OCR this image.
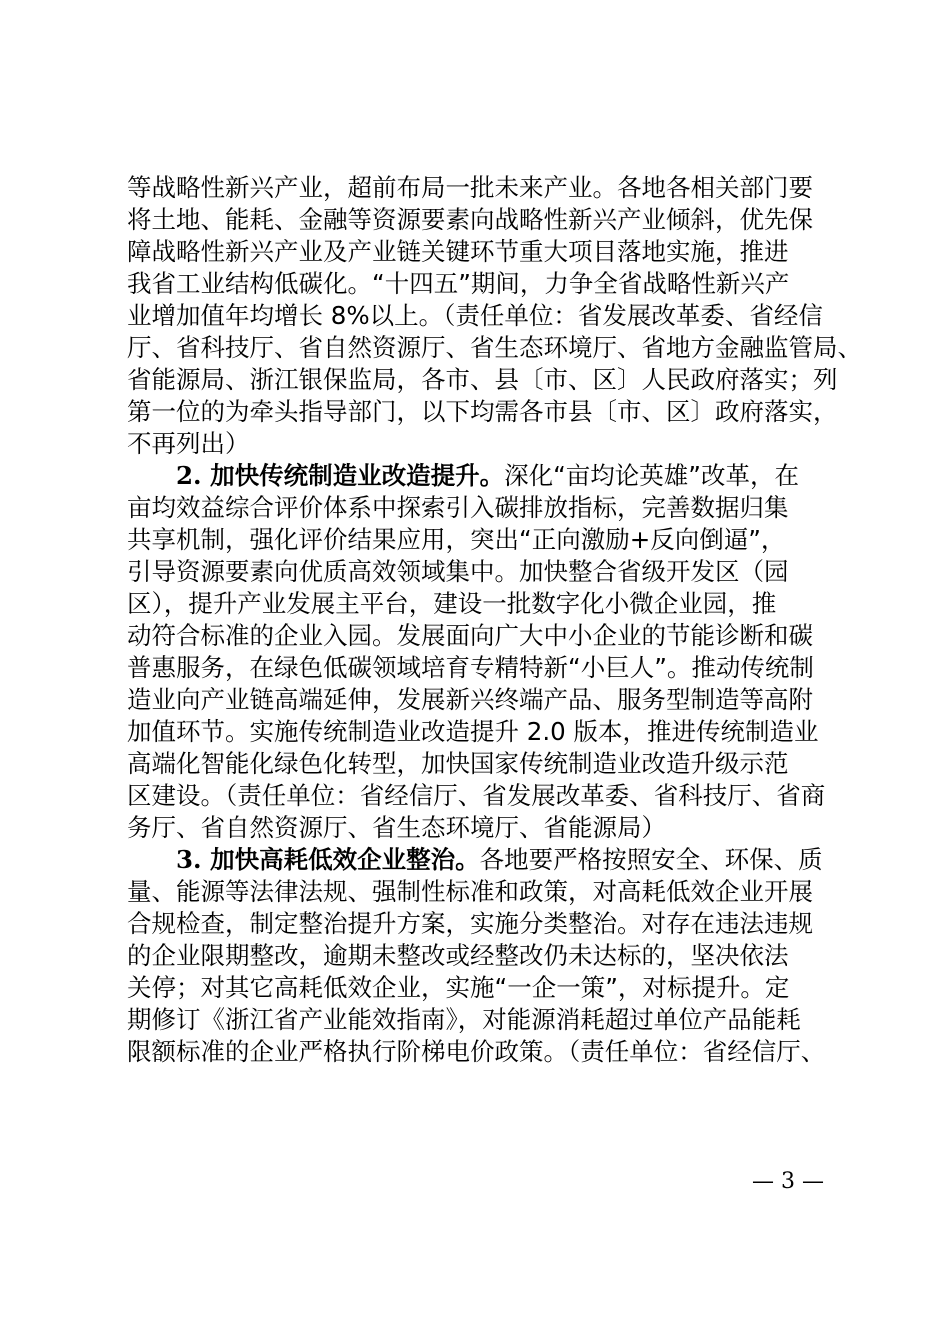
等战略性新兴产业，超前布局一批未来产业。各地各相关部门要
将土地、能耗、金融等资源要素向战略性新兴产业倾斜，优先保
障战略性新兴产业及产业链关键环节重大项目落地实施，推进
我省工业结构低碳化。“十四五”期间，力争全省战略性新兴产
业增加值年均增长 8%以上。（责任单位：省发展改革委、省经信
厅、省科技厅、省自然资源厅、省生态环境厅、省地方金融监管局、
省能源局、浙江银保监局，各市、县〔市、区〕人民政府落实；列
第一位的为牵头指导部门，以下均需各市县〔市、区〕政府落实，
不再列出）
2. 加快传统制造业改造提升。深化“亩均论英雄”改革，在
亩均效益综合评价体系中探索引入碳排放指标，完善数据归集
共享机制，强化评价结果应用，突出“正向激励+反向倒逼”，
引导资源要素向优质高效领域集中。加快整合省级开发区（园
区），提升产业发展主平台，建设一批数字化小微企业园，推
动符合标准的企业入园。发展面向广大中小企业的节能诊断和碳
普惠服务，在绿色低碳领域培育专精特新“小巨人”。推动传统制
造业向产业链高端延伸，发展新兴终端产品、服务型制造等高附
加值环节。实施传统制造业改造提升 2.0 版本，推进传统制造业
高端化智能化绿色化转型，加快国家传统制造业改造升级示范
区建设。（责任单位：省经信厅、省发展改革委、省科技厅、省商
务厅、省自然资源厅、省生态环境厅、省能源局）
3. 加快高耗低效企业整治。各地要严格按照安全、环保、质
量、能源等法律法规、强制性标准和政策，对高耗低效企业开展
合规检查，制定整治提升方案，实施分类整治。对存在违法违规
的企业限期整改，逾期未整改或经整改仍未达标的，坚决依法
关停；对其它高耗低效企业，实施“一企一策”，对标提升。定
期修订《浙江省产业能效指南》，对能源消耗超过单位产品能耗
限额标准的企业严格执行阶梯电价政策。（责任单位：省经信厅、
— 3 —
